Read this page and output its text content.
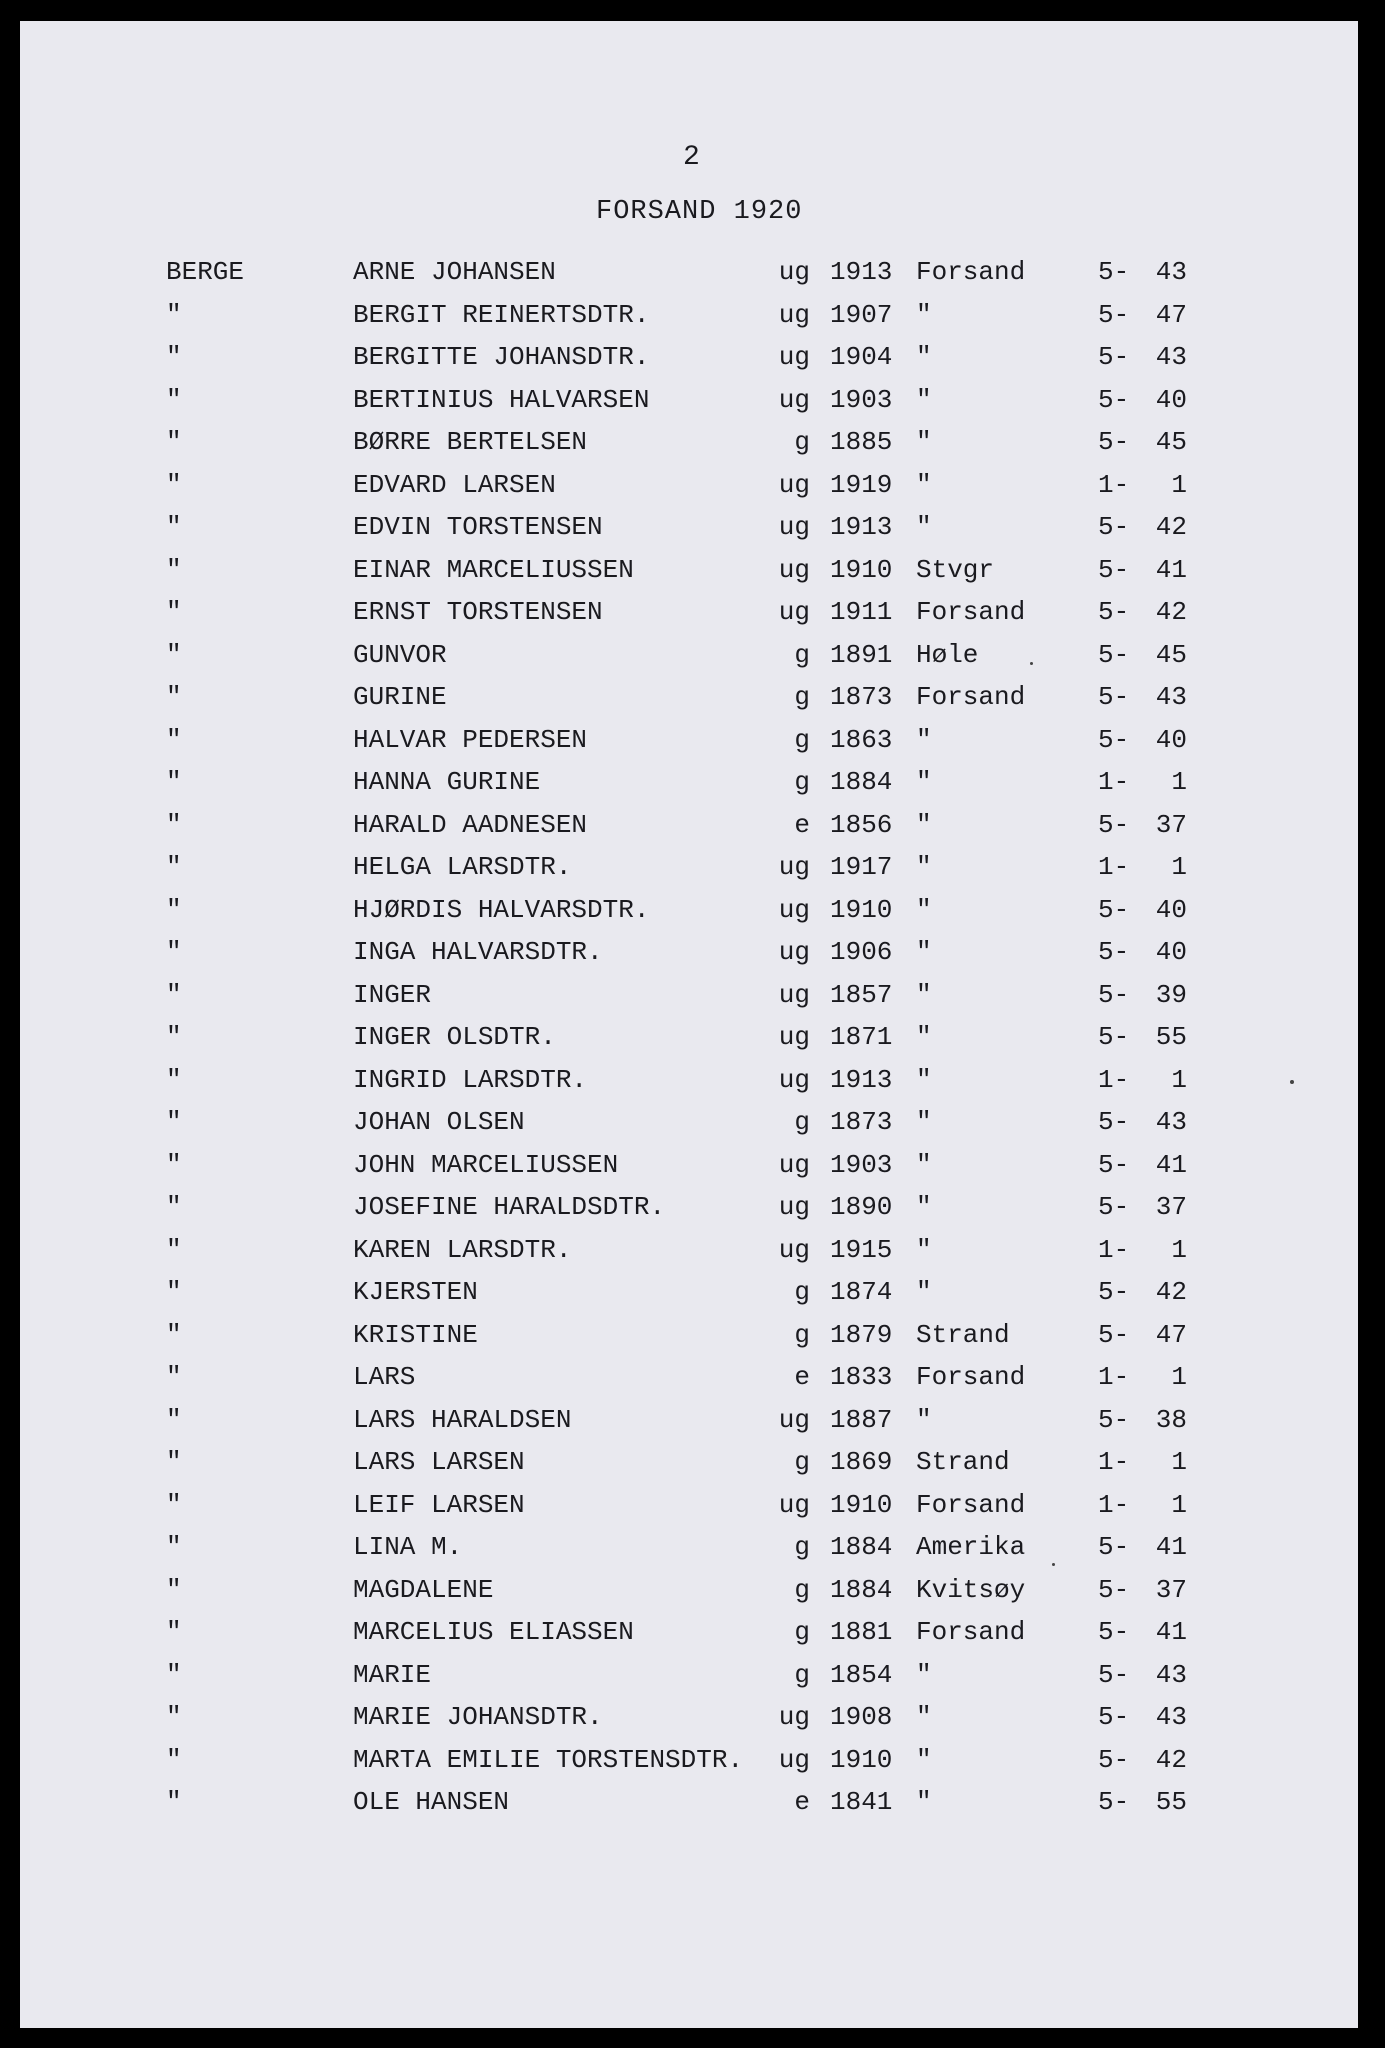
2
FORSAND 1920
BERGE	ARNE JOHANSEN	ug 1913 Forsand	5- 43
"	BERGIT REINERTSDTR.	ug 1907 "	5- 47
"	BERGITTE JOHANSDTR.	ug 1904 "	5- 43
"	BERTINIUS HALVARSEN	ug 1903 "	5- 40
"	BØRRE BERTELSEN	g 1885 "	5- 45
"	EDVARD LARSEN	ug 1919 "	1- 1
"	EDVIN TORSTENSEN	ug 1913 "	5- 42
"	EINAR MARCELIUSSEN	ug 1910 Stvgr	5- 41
"	ERNST TORSTENSEN	ug 1911 Forsand	5- 42
"	GUNVOR	g 1891 Høle	5- 45
"	GURINE	g 1873 Forsand	5- 43
"	HALVAR PEDERSEN	g 1863 "	5- 40
"	HANNA GURINE	g 1884 "	1- 1
"	HARALD AADNESEN	e 1856 "	5- 37
"	HELGA LARSDTR.	ug 1917 "	1- 1
"	HJØRDIS HALVARSDTR.	ug 1910 "	5- 40
"	INGA HALVARSDTR.	ug 1906 "	5- 40
"	INGER	ug 1857 "	5- 39
"	INGER OLSDTR.	ug 1871 "	5- 55
"	INGRID LARSDTR.	ug 1913 "	1- 1
"	JOHAN OLSEN	g 1873 "	5- 43
"	JOHN MARCELIUSSEN	ug 1903 "	5- 41
"	JOSEFINE HARALDSDTR.	ug 1890 "	5- 37
"	KAREN LARSDTR.	ug 1915 "	1- 1
"	KJERSTEN	g 1874 "	5- 42
"	KRISTINE	g 1879 Strand	5- 47
"	LARS	e 1833 Forsand	1- 1
"	LARS HARALDSEN	ug 1887 "	5- 38
"	LARS LARSEN	g 1869 Strand	1- 1
"	LEIF LARSEN	ug 1910 Forsand	1- 1
"	LINA M.	g 1884 Amerika	5- 41
"	MAGDALENE	g 1884 Kvitsøy	5- 37
"	MARCELIUS ELIASSEN	g 1881 Forsand	5- 41
"	MARIE	g 1854 "	5- 43
"	MARIE JOHANSDTR.	ug 1908 "	5- 43
"	MARTA EMILIE TORSTENSDTR. ug 1910 "	5- 42
"	OLE HANSEN	e 1841 "	5- 55
